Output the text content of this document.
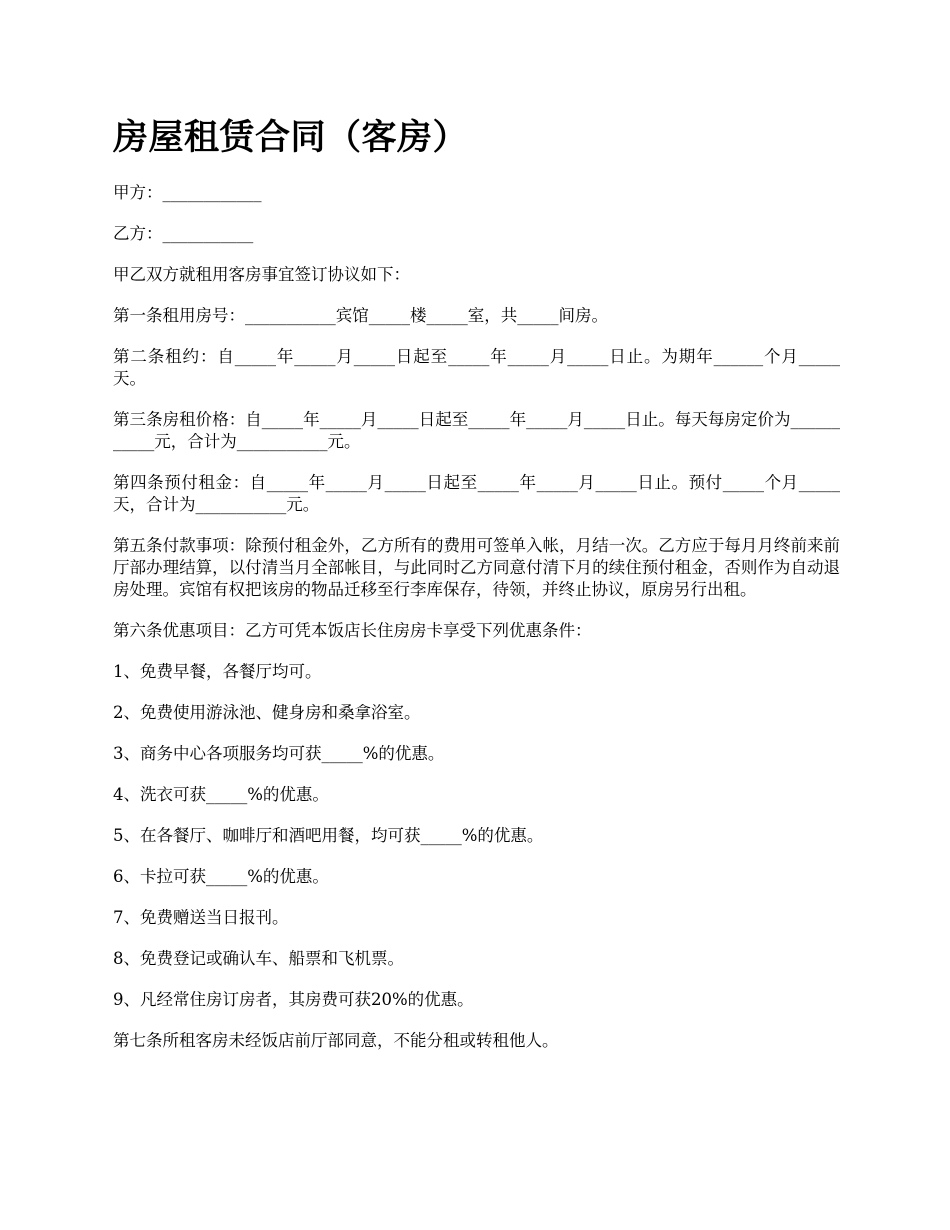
房屋租赁合同（客房）

甲方：____________

乙方：___________

甲乙双方就租用客房事宜签订协议如下：

第一条租用房号：___________宾馆_____楼_____室，共_____间房。

第二条租约：自_____年_____月_____日起至_____年_____月_____日止。为期年______个月_____天。

第三条房租价格：自_____年_____月_____日起至_____年_____月_____日止。每天每房定价为___________元，合计为___________元。

第四条预付租金：自_____年_____月_____日起至_____年_____月_____日止。预付_____个月_____天，合计为___________元。

第五条付款事项：除预付租金外，乙方所有的费用可签单入帐，月结一次。乙方应于每月月终前来前厅部办理结算，以付清当月全部帐目，与此同时乙方同意付清下月的续住预付租金，否则作为自动退房处理。宾馆有权把该房的物品迁移至行李库保存，待领，并终止协议，原房另行出租。

第六条优惠项目：乙方可凭本饭店长住房房卡享受下列优惠条件：

1、免费早餐，各餐厅均可。

2、免费使用游泳池、健身房和桑拿浴室。

3、商务中心各项服务均可获_____%的优惠。

4、洗衣可获_____%的优惠。

5、在各餐厅、咖啡厅和酒吧用餐，均可获_____%的优惠。

6、卡拉可获_____%的优惠。

7、免费赠送当日报刊。

8、免费登记或确认车、船票和飞机票。

9、凡经常住房订房者，其房费可获20%的优惠。

第七条所租客房未经饭店前厅部同意，不能分租或转租他人。
